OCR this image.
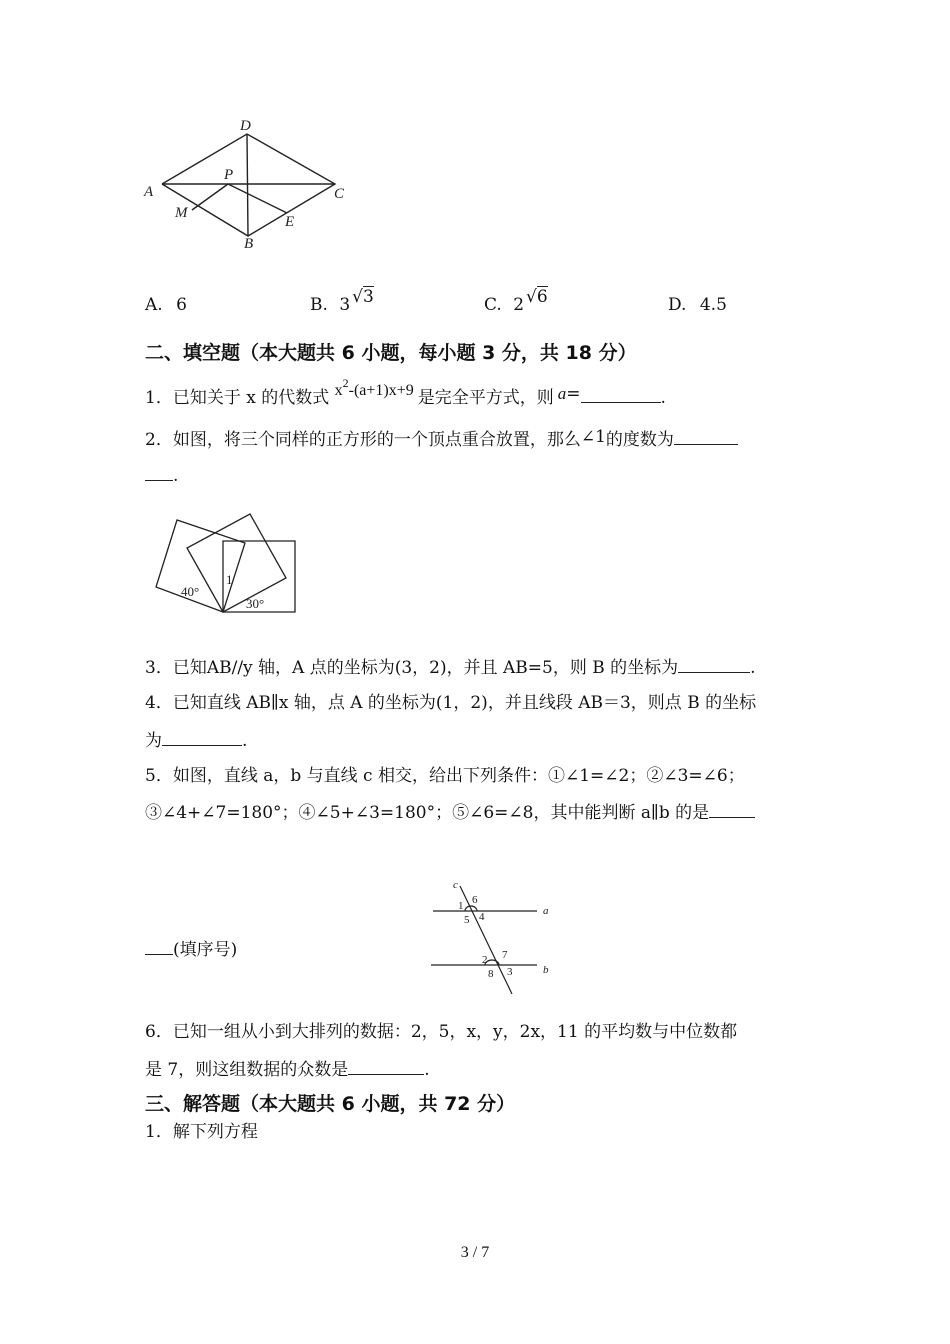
D
A
P
C
M
E
B
A. 6	B. 3 √3	C. 2 √6	D. 4.5
二、填空题（本大题共 6 小题，每小题 3 分，共 18 分）
1．已知关于 x 的代数式 $x^2-(a+1)x+9$ 是完全平方式，则 a=	.
2．如图，将三个同样的正方形的一个顶点重合放置，那么∠1的度数为
.
40°
1
30°
3．已知AB//y 轴，A 点的坐标为(3，2)，并且 AB=5，则 B 的坐标为	.
4．已知直线 AB∥x 轴，点 A 的坐标为(1，2)，并且线段 AB＝3，则点 B 的坐标
为	.
5．如图，直线 a，b 与直线 c 相交，给出下列条件：①∠1=∠2；②∠3=∠6；
③∠4+∠7=180°；④∠5+∠3=180°；⑤∠6=∠8，其中能判断 a∥b 的是
(填序号)
c
a
b
1 6
5 4
2 7
8 3
6．已知一组从小到大排列的数据：2，5，x，y，2x，11 的平均数与中位数都
是 7，则这组数据的众数是	.
三、解答题（本大题共 6 小题，共 72 分）
1．解下列方程
3 / 7
